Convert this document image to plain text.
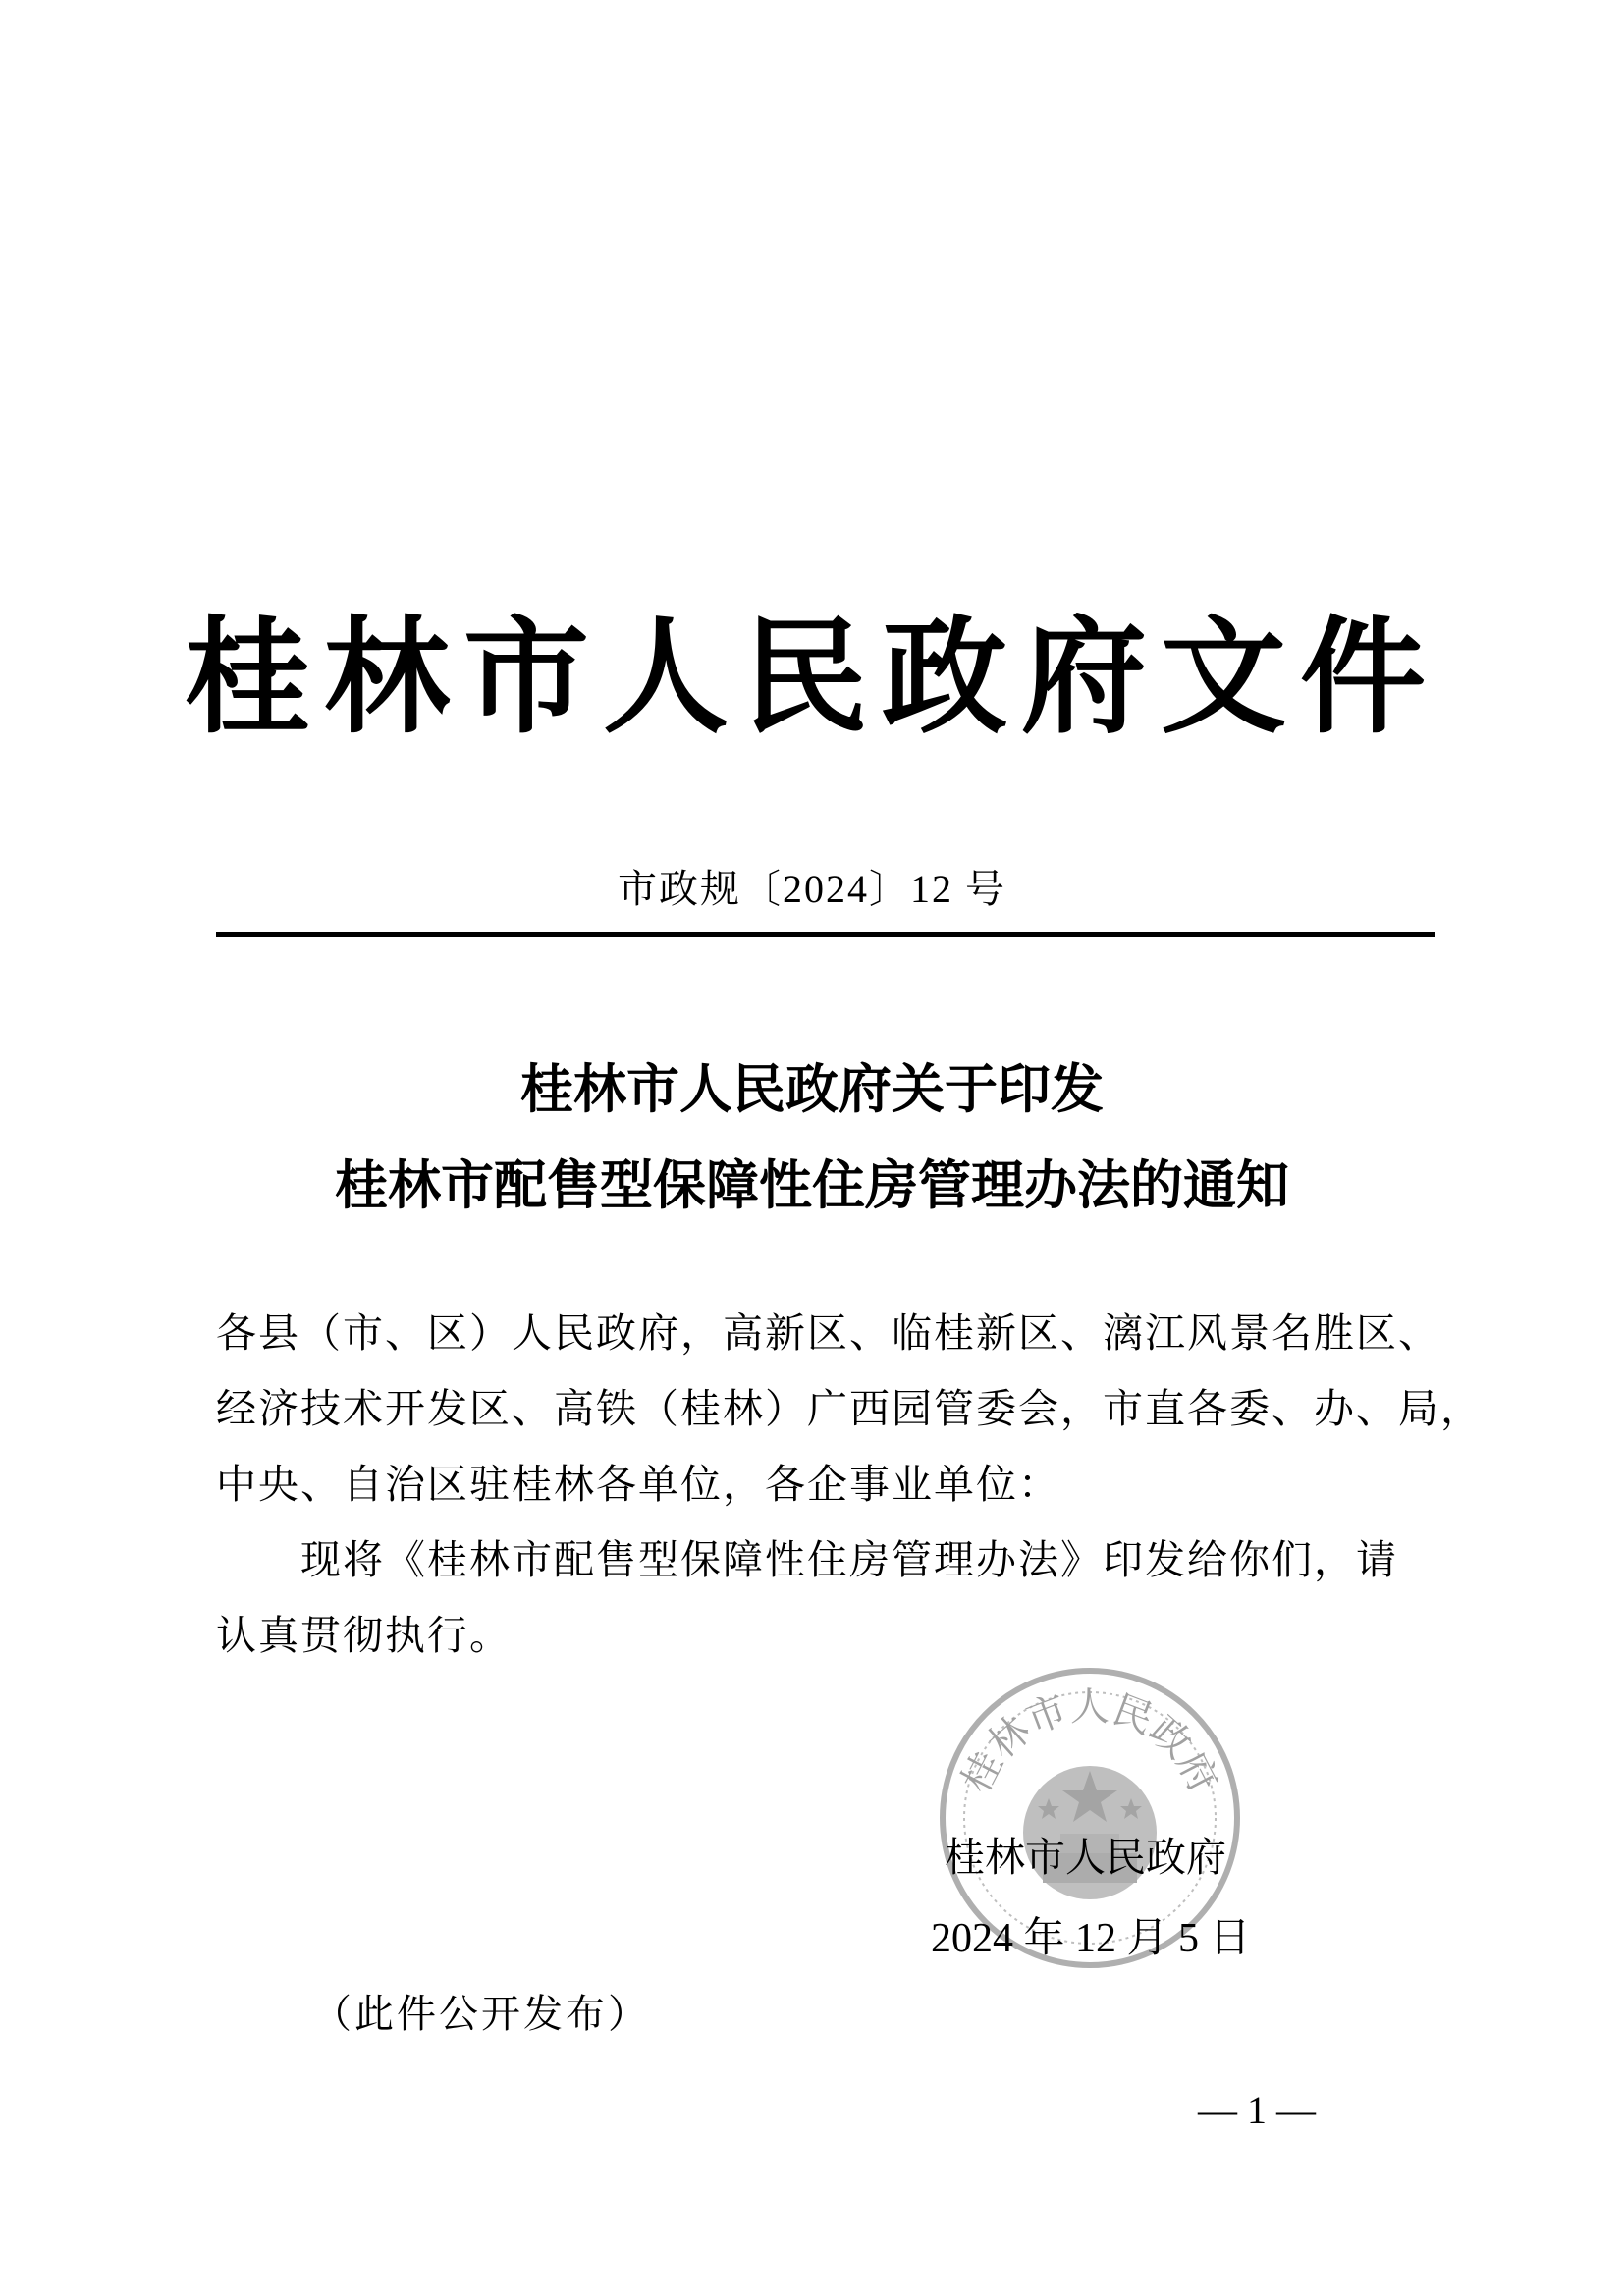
桂林市人民政府文件
市政规〔2024〕12 号
桂林市人民政府关于印发
桂林市配售型保障性住房管理办法的通知
各县（市、区）人民政府，高新区、临桂新区、漓江风景名胜区、
经济技术开发区、高铁（桂林）广西园管委会，市直各委、办、局，
中央、自治区驻桂林各单位，各企事业单位：
现将《桂林市配售型保障性住房管理办法》印发给你们，请
认真贯彻执行。
桂林市人民政府
桂林市人民政府
2024 年 12 月 5 日
（此件公开发布）
— 1 —
